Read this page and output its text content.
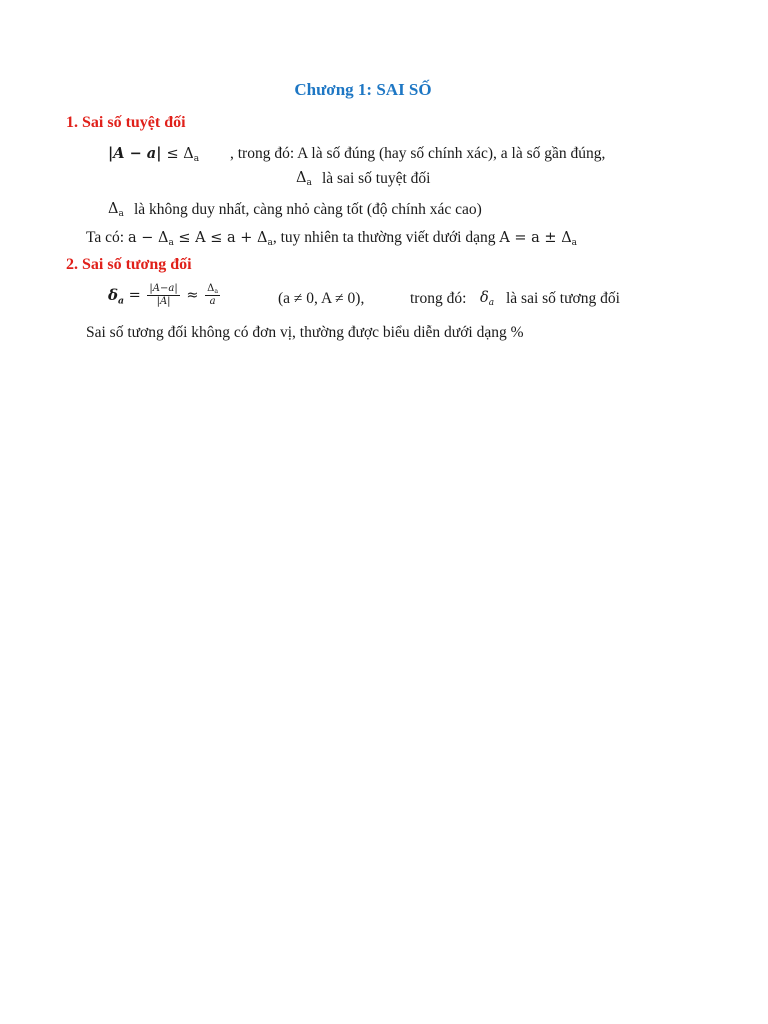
Chương 1: SAI SỐ
1. Sai số tuyệt đối
$|A - a| \le \Delta_a$ , trong đó: A là số đúng (hay số chính xác), a là số gần đúng,
$\Delta_a$ là sai số tuyệt đối
$\Delta_a$ là không duy nhất, càng nhỏ càng tốt (độ chính xác cao)
Ta có: $a - \Delta_a \le A \le a + \Delta_a$, tuy nhiên ta thường viết dưới dạng $A = a \pm \Delta_a$
2. Sai số tương đối
$\delta_a = \frac{|A-a|}{|A|} \approx \frac{\Delta_a}{a}$	(a ≠ 0, A ≠ 0),	trong đó: $\delta_a$ là sai số tương đối
Sai số tương đối không có đơn vị, thường được biểu diễn dưới dạng %
